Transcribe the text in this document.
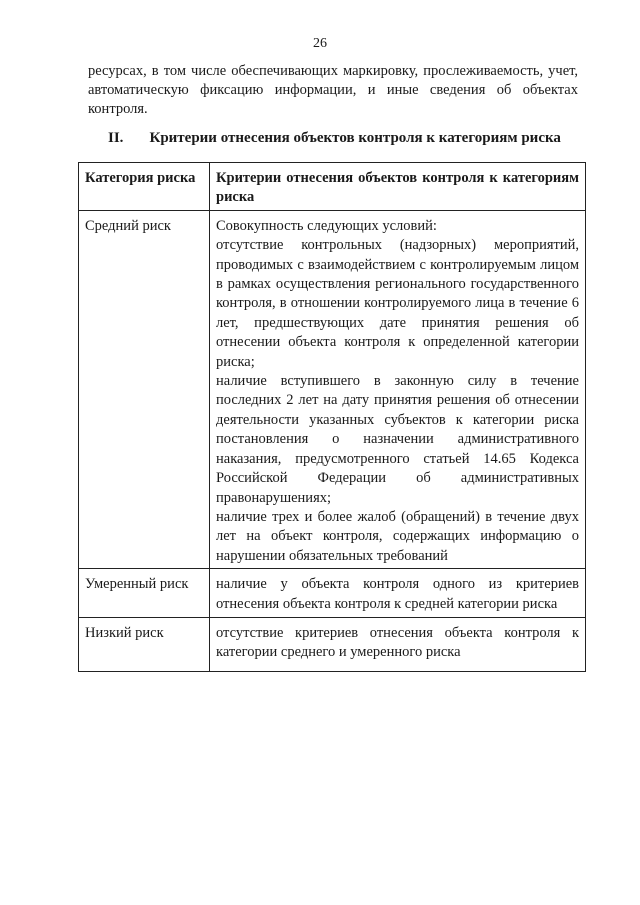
26
ресурсах, в том числе обеспечивающих маркировку, прослеживаемость, учет, автоматическую фиксацию информации, и иные сведения об объектах контроля.
II. Критерии отнесения объектов контроля к категориям риска
Категория риска	Критерии отнесения объектов контроля к категориям риска
Средний риск	Совокупность следующих условий:
отсутствие контрольных (надзорных) мероприятий, проводимых с взаимодействием с контролируемым лицом в рамках осуществления регионального государственного контроля, в отношении контролируемого лица в течение 6 лет, предшествующих дате принятия решения об отнесении объекта контроля к определенной категории риска;
наличие вступившего в законную силу в течение последних 2 лет на дату принятия решения об отнесении деятельности указанных субъектов к категории риска постановления о назначении административного наказания, предусмотренного статьей 14.65 Кодекса Российской Федерации об административных правонарушениях;
наличие трех и более жалоб (обращений) в течение двух лет на объект контроля, содержащих информацию о нарушении обязательных требований

Умеренный риск	наличие у объекта контроля одного из критериев отнесения объекта контроля к средней категории риска

Низкий риск	отсутствие критериев отнесения объекта контроля к категории среднего и умеренного риска
